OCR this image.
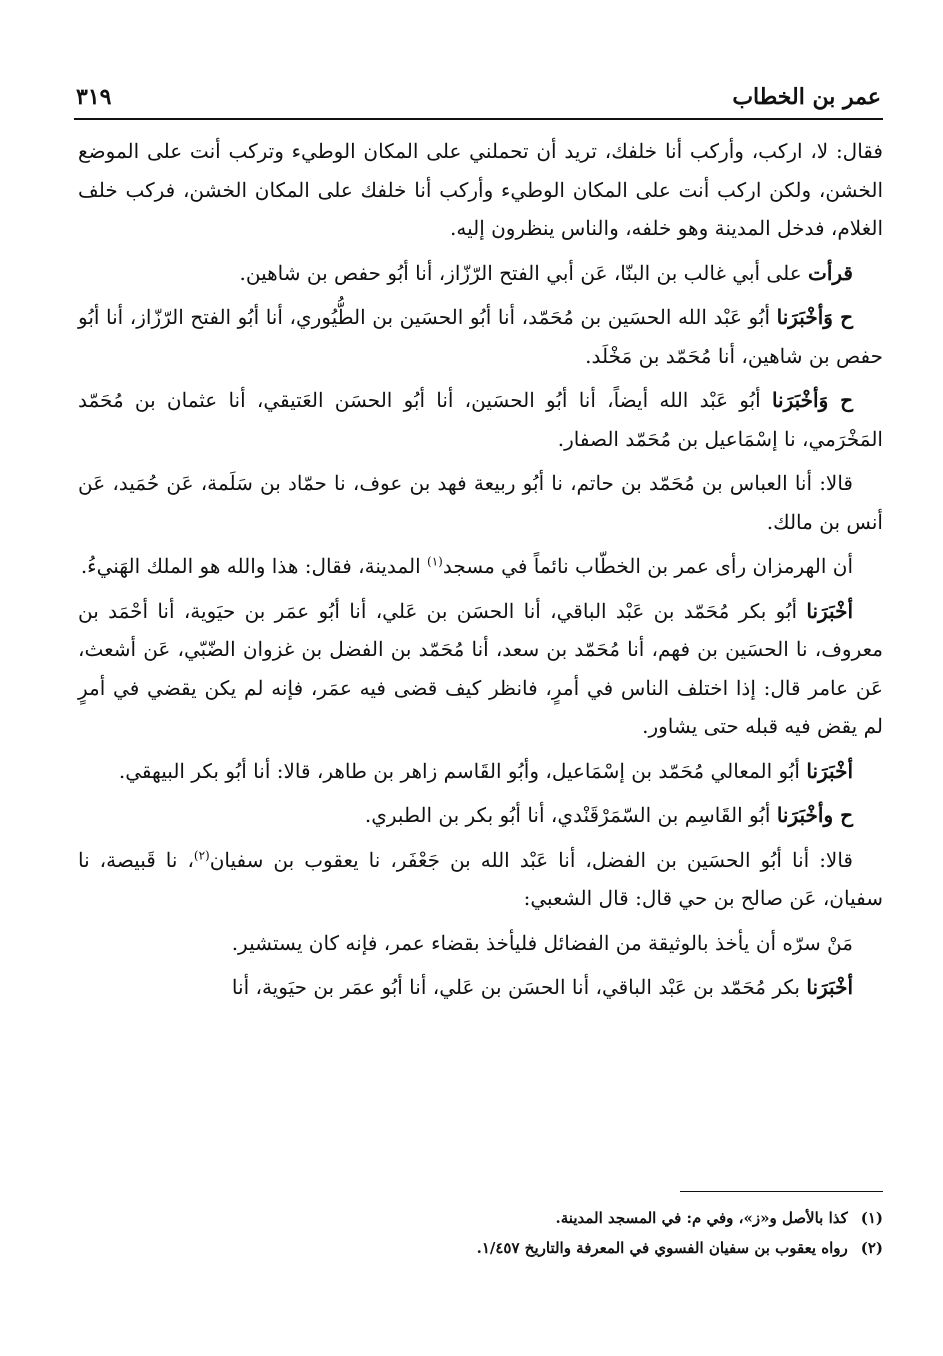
عمر بن الخطاب
٣١٩

فقال: لا، اركب، وأركب أنا خلفك، تريد أن تحملني على المكان الوطيء وتركب أنت على الموضع الخشن، ولكن اركب أنت على المكان الوطيء وأركب أنا خلفك على المكان الخشن، فركب خلف الغلام، فدخل المدينة وهو خلفه، والناس ينظرون إليه.

قرأت على أبي غالب بن البنّا، عَن أبي الفتح الرّزّاز، أنا أبُو حفص بن شاهين.

ح وَأخْبَرَنا أبُو عَبْد الله الحسَين بن مُحَمّد، أنا أبُو الحسَين بن الطُّيُوري، أنا أبُو الفتح الرّزّاز، أنا أبُو حفص بن شاهين، أنا مُحَمّد بن مَخْلَد.

ح وَأخْبَرَنا أبُو عَبْد الله أيضاً، أنا أبُو الحسَين، أنا أبُو الحسَن العَتيقي، أنا عثمان بن مُحَمّد المَخْرَمي، نا إسْمَاعيل بن مُحَمّد الصفار.

قالا: أنا العباس بن مُحَمّد بن حاتم، نا أبُو ربيعة فهد بن عوف، نا حمّاد بن سَلَمة، عَن حُمَيد، عَن أنس بن مالك.

أن الهرمزان رأى عمر بن الخطّاب نائماً في مسجد$^{(١)}$ المدينة، فقال: هذا والله هو الملك الهَنيءُ.

أخْبَرَنا أبُو بكر مُحَمّد بن عَبْد الباقي، أنا الحسَن بن عَلي، أنا أبُو عمَر بن حيَوية، أنا أحْمَد بن معروف، نا الحسَين بن فهم، أنا مُحَمّد بن سعد، أنا مُحَمّد بن الفضل بن غزوان الضّبّي، عَن أشعث، عَن عامر قال: إذا اختلف الناس في أمرٍ، فانظر كيف قضى فيه عمَر، فإنه لم يكن يقضي في أمرٍ لم يقض فيه قبله حتى يشاور.

أخْبَرَنا أبُو المعالي مُحَمّد بن إسْمَاعيل، وأبُو القَاسم زاهر بن طاهر، قالا: أنا أبُو بكر البيهقي.

ح وأخْبَرَنا أبُو القَاسِم بن السّمَرْقَنْدي، أنا أبُو بكر بن الطبري.

قالا: أنا أبُو الحسَين بن الفضل، أنا عَبْد الله بن جَعْفَر، نا يعقوب بن سفيان$^{(٢)}$، نا قَبيصة، نا سفيان، عَن صالح بن حي قال: قال الشعبي:

مَنْ سرّه أن يأخذ بالوثيقة من الفضائل فليأخذ بقضاء عمر، فإنه كان يستشير.

أخْبَرَنا بكر مُحَمّد بن عَبْد الباقي، أنا الحسَن بن عَلي، أنا أبُو عمَر بن حيَوية، أنا

(١) كذا بالأصل و«ز»، وفي م: في المسجد المدينة.

(٢) رواه يعقوب بن سفيان الفسوي في المعرفة والتاريخ ١/٤٥٧.
